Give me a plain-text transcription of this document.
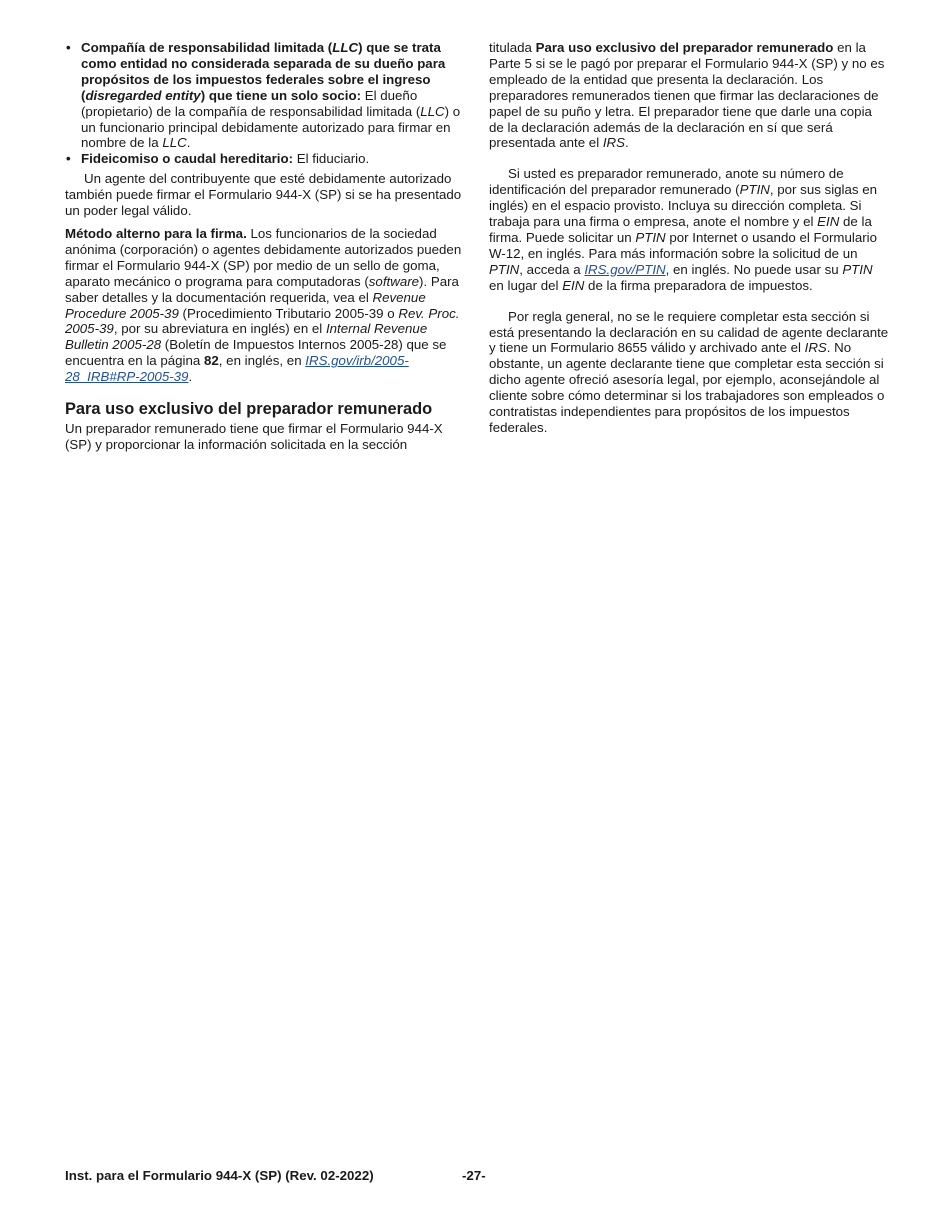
• Compañía de responsabilidad limitada (LLC) que se trata como entidad no considerada separada de su dueño para propósitos de los impuestos federales sobre el ingreso (disregarded entity) que tiene un solo socio: El dueño (propietario) de la compañía de responsabilidad limitada (LLC) o un funcionario principal debidamente autorizado para firmar en nombre de la LLC.

• Fideicomiso o caudal hereditario: El fiduciario.

Un agente del contribuyente que esté debidamente autorizado también puede firmar el Formulario 944-X (SP) si se ha presentado un poder legal válido.

Método alterno para la firma. Los funcionarios de la sociedad anónima (corporación) o agentes debidamente autorizados pueden firmar el Formulario 944-X (SP) por medio de un sello de goma, aparato mecánico o programa para computadoras (software). Para saber detalles y la documentación requerida, vea el Revenue Procedure 2005-39 (Procedimiento Tributario 2005-39 o Rev. Proc. 2005-39, por su abreviatura en inglés) en el Internal Revenue Bulletin 2005-28 (Boletín de Impuestos Internos 2005-28) que se encuentra en la página 82, en inglés, en IRS.gov/irb/2005-28_IRB#RP-2005-39.

Para uso exclusivo del preparador remunerado

Un preparador remunerado tiene que firmar el Formulario 944-X (SP) y proporcionar la información solicitada en la sección

titulada Para uso exclusivo del preparador remunerado en la Parte 5 si se le pagó por preparar el Formulario 944-X (SP) y no es empleado de la entidad que presenta la declaración. Los preparadores remunerados tienen que firmar las declaraciones de papel de su puño y letra. El preparador tiene que darle una copia de la declaración además de la declaración en sí que será presentada ante el IRS.

Si usted es preparador remunerado, anote su número de identificación del preparador remunerado (PTIN, por sus siglas en inglés) en el espacio provisto. Incluya su dirección completa. Si trabaja para una firma o empresa, anote el nombre y el EIN de la firma. Puede solicitar un PTIN por Internet o usando el Formulario W-12, en inglés. Para más información sobre la solicitud de un PTIN, acceda a IRS.gov/PTIN, en inglés. No puede usar su PTIN en lugar del EIN de la firma preparadora de impuestos.

Por regla general, no se le requiere completar esta sección si está presentando la declaración en su calidad de agente declarante y tiene un Formulario 8655 válido y archivado ante el IRS. No obstante, un agente declarante tiene que completar esta sección si dicho agente ofreció asesoría legal, por ejemplo, aconsejándole al cliente sobre cómo determinar si los trabajadores son empleados o contratistas independientes para propósitos de los impuestos federales.

Inst. para el Formulario 944-X (SP) (Rev. 02-2022)	-27-
